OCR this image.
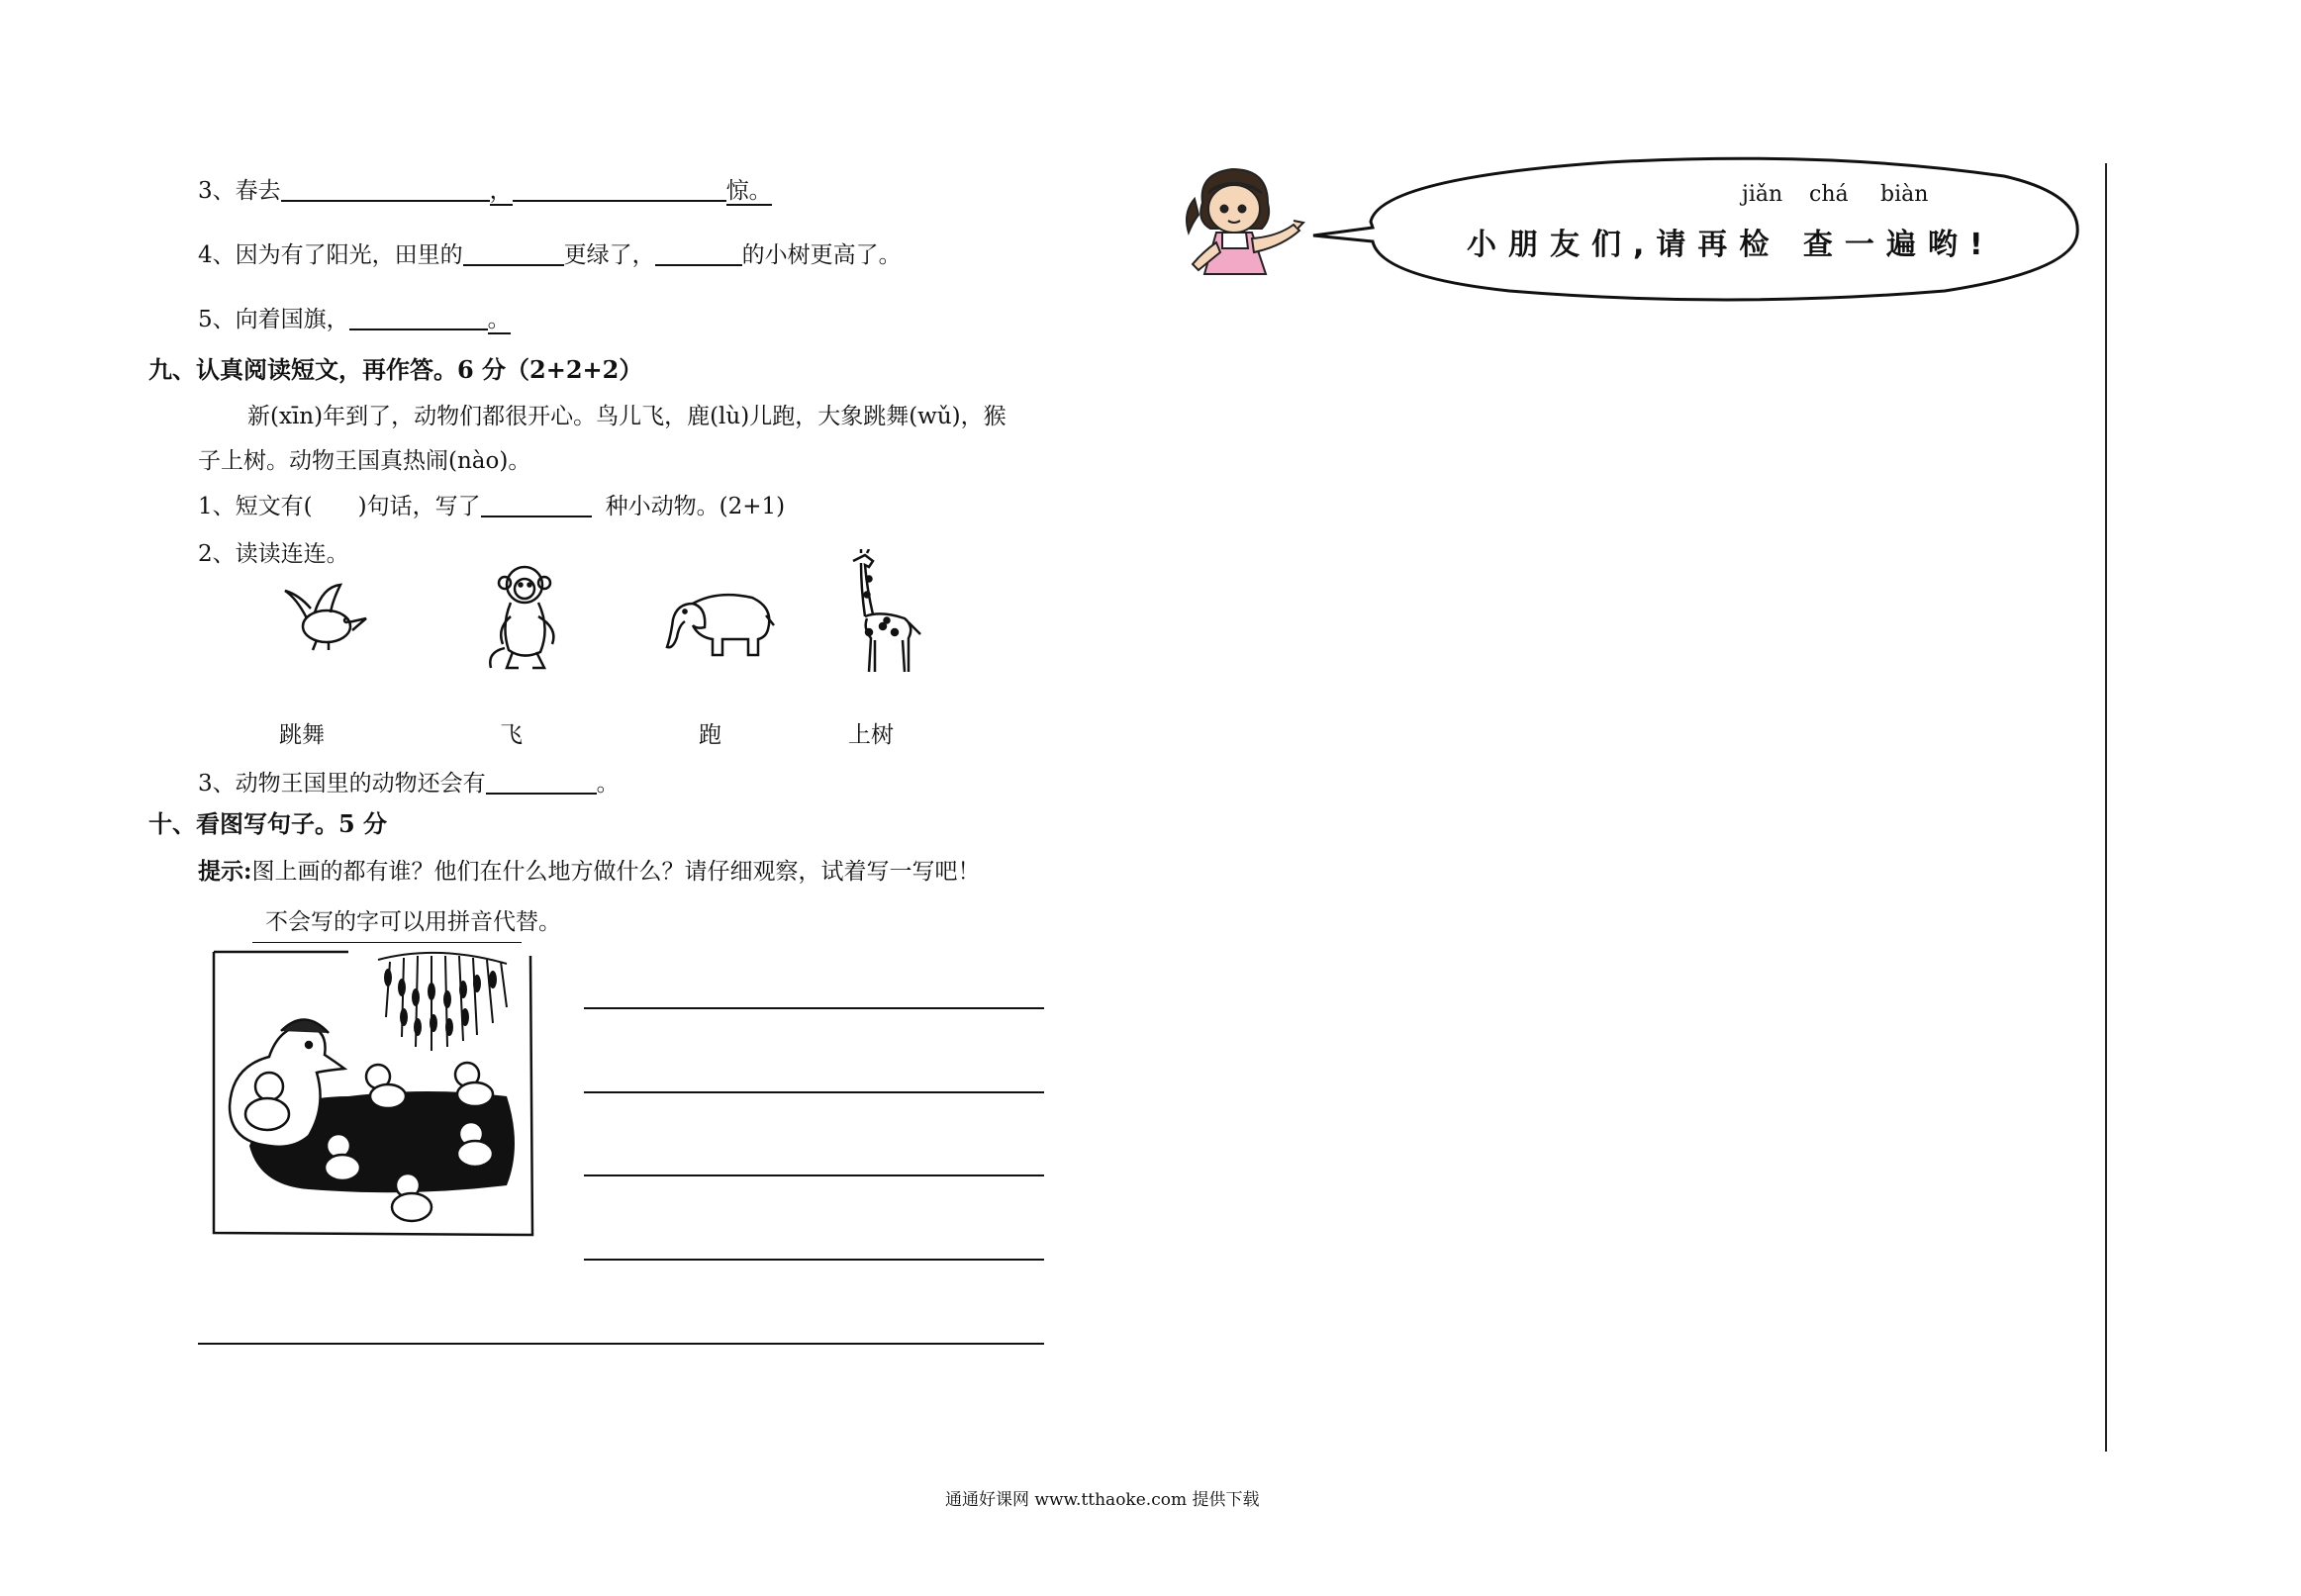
3、春去	，	惊。
4、因为有了阳光，田里的	更绿了，	的小树更高了。
5、向着国旗，	。
九、认真阅读短文，再作答。6 分（2+2+2）
新(xīn)年到了，动物们都很开心。鸟儿飞，鹿(lù)儿跑，大象跳舞(wǔ)，猴
子上树。动物王国真热闹(nào)。
1、短文有(　　)句话，写了	种小动物。(2+1)
2、读读连连。
跳舞	飞	跑	上树
3、动物王国里的动物还会有	。
十、看图写句子。5 分
提示:图上画的都有谁？他们在什么地方做什么？请仔细观察，试着写一写吧！
不会写的字可以用拼音代替。
jiǎn chá biàn
小朋友们,请再检 查一遍哟!
通通好课网 www.tthaoke.com 提供下载
